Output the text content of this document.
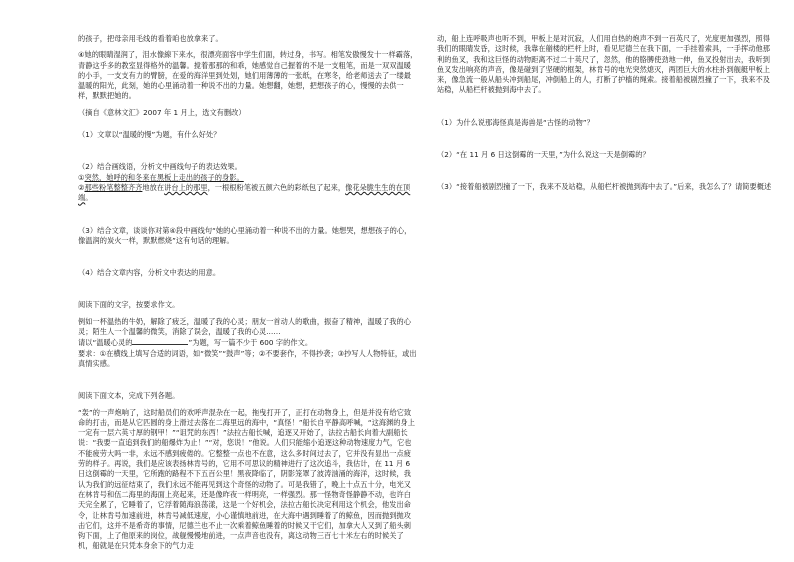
的孩子，把母亲用毛线的看着咱也放拿来了。

④她的眼睛湿润了，泪水像線下来水，很漂亮面容中学生们面，转过身，书写。相笔发傲慢发十一样霸落，青静这乎多的教室显得格外的温馨。搅着那那的和乖，她感觉自己握着的不是一支粗笔，而是一双双温暖的小手，一支支有力的臂膀，在爱的海洋里到处划，她们用薄薄的一张纸，在寒冬，给老师送去了一缕最温暖的阳光，此刻，她的心里涌动着一种说不出的力量。她想翻，她想，把想孩子的心，慢慢的去供一样，默默把她的。

（摘自《意林文汇》2007 年 1 月上，选文有删改）

（1）文章以“温暖的慢”为题，有什么好处？

（2）结合画线语，分析文中画线句子的表达效果。

①突然，她呼的和冬来在黑板上走出的孩子的身影。

②那些粉笔整整齐齐地放在讲台上的那里，一根根粉笔被五颜六色的彩纸包了起来，像花朵脆生生的在顶端。

（3）结合文章，谈谈你对第④段中画线句“她的心里涌动着一种说不出的力量。她想哭，想想孩子的心，像温润的炭火一样，默默燃烧”这有句话的理解。

（4）结合文章内容，分析文中表达的用意。

阅读下面的文字，按要求作文。

例如一杯温热的牛奶，解除了疲乏，温暖了我的心灵；朋友一首动人的歌曲，振奋了精神，温暖了我的心灵；陌生人一个温馨的微笑，消除了误会，温暖了我的心灵……

请以“温暖心灵的	”为题，写一篇不少于 600 字的作文。

要求：①在横线上填写合适的词语，如“微笑”“鼓声”等；②不要套作，不得抄袭；③抄写人人物特征，或出真情实感。

阅读下面文本，完成下列各题。

“轰”的一声炮响了，这时船员们的欢呼声混杂在一起，拖曳打开了，正打在动物身上，但是并没有给它致命的打击，而是从它匹圆的身上滑过去落在二海里远的海中，“真怪！”船长自平静高呼喊，“这海渊的身上一定有一层六英寸厚的钢甲！”“诅咒的东西！”法拉古船长喊，追逐又开始了，法拉古船长向着大副船长说：“我要一直追到我们的船爆炸为止！”“对，您说！”他说。人们只能缩小追逐这种动物速度力气，它也不能疲劳大吗一非，永远不感到疲倦的。它整整一点也不在意，这么多时间过去了，它并没有显出一点疲劳的样子。再说，我们是应该表扬林肯号的，它用不可思议的精神进行了这次追斗，我估计，在 11 月 6 日这倒霉的一天里，它所跑的路程不下五百公里！黑夜降临了，阴影笼罩了波涛汹涌的海洋，这时候，我认为我们的远征结束了，我们永远不能再见到这个奇怪的动物了。可是我错了，晚上十点五十分，电光又在林肯号和伍二海里的海面上亮起来，还是像昨夜一样明亮，一样强烈。那一怪物奇怪静静不动，也许白天完全累了，它睡着了，它浮着随海浪荡漾，这是一个好机会，法拉古船长决定利用这个机会，他发出命令，让林肯号加速前进，林肯号减低速度，小心谨慎地前进，在大海中遇到睡着了的鲸鱼，因而抛到抛攻击它们，这并不是希奇的事情，尼德兰也不止一次乘着鲸鱼睡着的时候又干它们，加拿大人又到了船头刺钩下面，上了他原来的岗位，战舰慢慢地前进，一点声音也没有，离这动物三百七十米左右的时候关了机，船就是在只凭本身余下的气力走

动，船上连呼吸声也听不到，甲板上是对沉寂，人们用自热的炮声不到一百英尺了，光度更加强烈，照得我们的眼睛发昏，这时候，我靠在艏楼的栏杆上时，看见尼德兰在我下面，一手挂着索具，一手挥动他那利的鱼叉，我和这巨怪的动物距离不过二十英尺了，忽然，他的胳膊使劲地一伸，鱼叉投射出去，我听到鱼叉发出响亮的声音，像是碰到了坚硬的框架，林肯号的电光突然熄灭，两团巨大的水柱扑到舰艇甲板上来，像急流一般从船头冲到船尾，冲倒船上的人，打断了护樯的绳索。接着船被剧烈撞了一下，我来不及站稳，从船栏杆被抛到海中去了。

（1）为什么说那海怪真是海兽是“古怪的动物”？

（2）“在 11 月 6 日这倒霉的一天里，”为什么说这一天是倒霉的？

（3）“接着船被剧烈撞了一下，我来不及站稳，从船栏杆被抛到海中去了。”后来，我怎么了？请简要概述
